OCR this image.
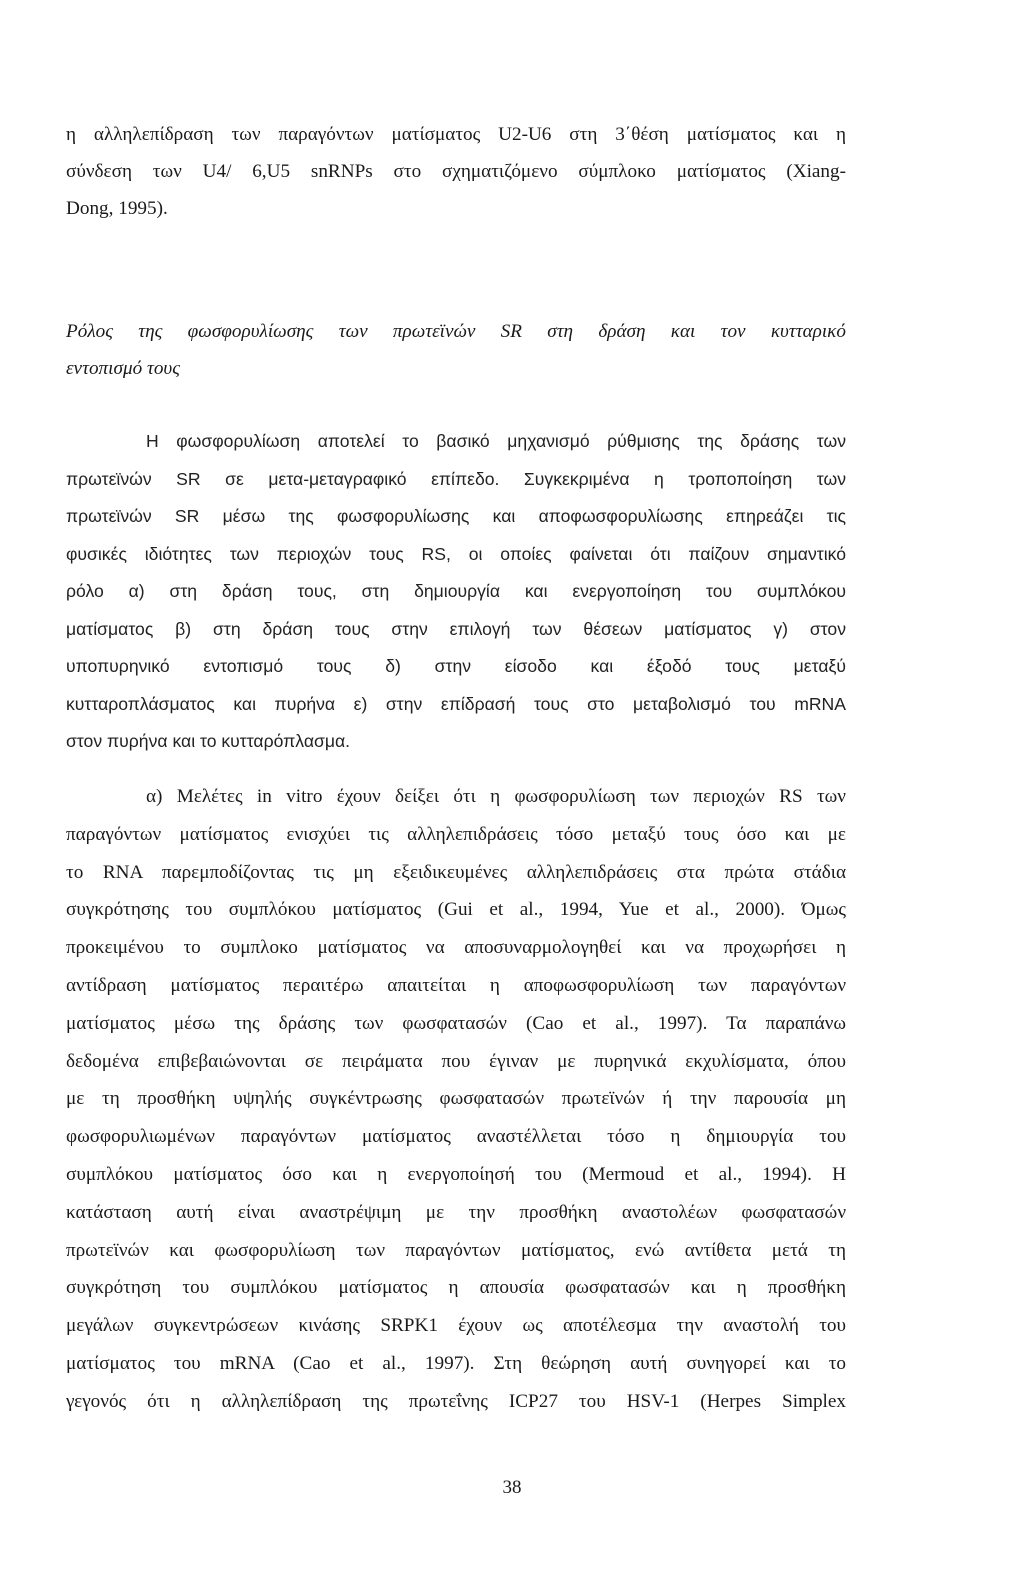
η αλληλεπίδραση των παραγόντων ματίσματος U2-U6 στη 3΄θέση ματίσματος και η
σύνδεση των U4/ 6,U5 snRNPs στο σχηματιζόμενο σύμπλοκο ματίσματος (Xiang-
Dong, 1995).
Ρόλος της φωσφορυλίωσης των πρωτεϊνών SR στη δράση και τον κυτταρικό
εντοπισμό τους
Η φωσφορυλίωση αποτελεί το βασικό μηχανισμό ρύθμισης της δράσης των
πρωτεϊνών SR σε μετα-μεταγραφικό επίπεδο. Συγκεκριμένα η τροποποίηση των
πρωτεϊνών SR μέσω της φωσφορυλίωσης και αποφωσφορυλίωσης επηρεάζει τις
φυσικές ιδιότητες των περιοχών τους RS, οι οποίες φαίνεται ότι παίζουν σημαντικό
ρόλο α) στη δράση τους, στη δημιουργία και ενεργοποίηση του συμπλόκου
ματίσματος β) στη δράση τους στην επιλογή των θέσεων ματίσματος γ) στον
υποπυρηνικό εντοπισμό τους δ) στην είσοδο και έξοδό τους μεταξύ
κυτταροπλάσματος και πυρήνα ε) στην επίδρασή τους στο μεταβολισμό του mRNA
στον πυρήνα και το κυτταρόπλασμα.
α) Μελέτες in vitro έχουν δείξει ότι η φωσφορυλίωση των περιοχών RS των
παραγόντων ματίσματος ενισχύει τις αλληλεπιδράσεις τόσο μεταξύ τους όσο και με
το RNA παρεμποδίζοντας τις μη εξειδικευμένες αλληλεπιδράσεις στα πρώτα στάδια
συγκρότησης του συμπλόκου ματίσματος (Gui et al., 1994, Yue et al., 2000). Όμως
προκειμένου το συμπλοκο ματίσματος να αποσυναρμολογηθεί και να προχωρήσει η
αντίδραση ματίσματος περαιτέρω απαιτείται η αποφωσφορυλίωση των παραγόντων
ματίσματος μέσω της δράσης των φωσφατασών (Cao et al., 1997). Τα παραπάνω
δεδομένα επιβεβαιώνονται σε πειράματα που έγιναν με πυρηνικά εκχυλίσματα, όπου
με τη προσθήκη υψηλής συγκέντρωσης φωσφατασών πρωτεϊνών ή την παρουσία μη
φωσφορυλιωμένων παραγόντων ματίσματος αναστέλλεται τόσο η δημιουργία του
συμπλόκου ματίσματος όσο και η ενεργοποίησή του (Mermoud et al., 1994). Η
κατάσταση αυτή είναι αναστρέψιμη με την προσθήκη αναστολέων φωσφατασών
πρωτεϊνών και φωσφορυλίωση των παραγόντων ματίσματος, ενώ αντίθετα μετά τη
συγκρότηση του συμπλόκου ματίσματος η απουσία φωσφατασών και η προσθήκη
μεγάλων συγκεντρώσεων κινάσης SRPK1 έχουν ως αποτέλεσμα την αναστολή του
ματίσματος του mRNA (Cao et al., 1997). Στη θεώρηση αυτή συνηγορεί και το
γεγονός ότι η αλληλεπίδραση της πρωτεΐνης ICP27 του HSV-1 (Herpes Simplex
38
